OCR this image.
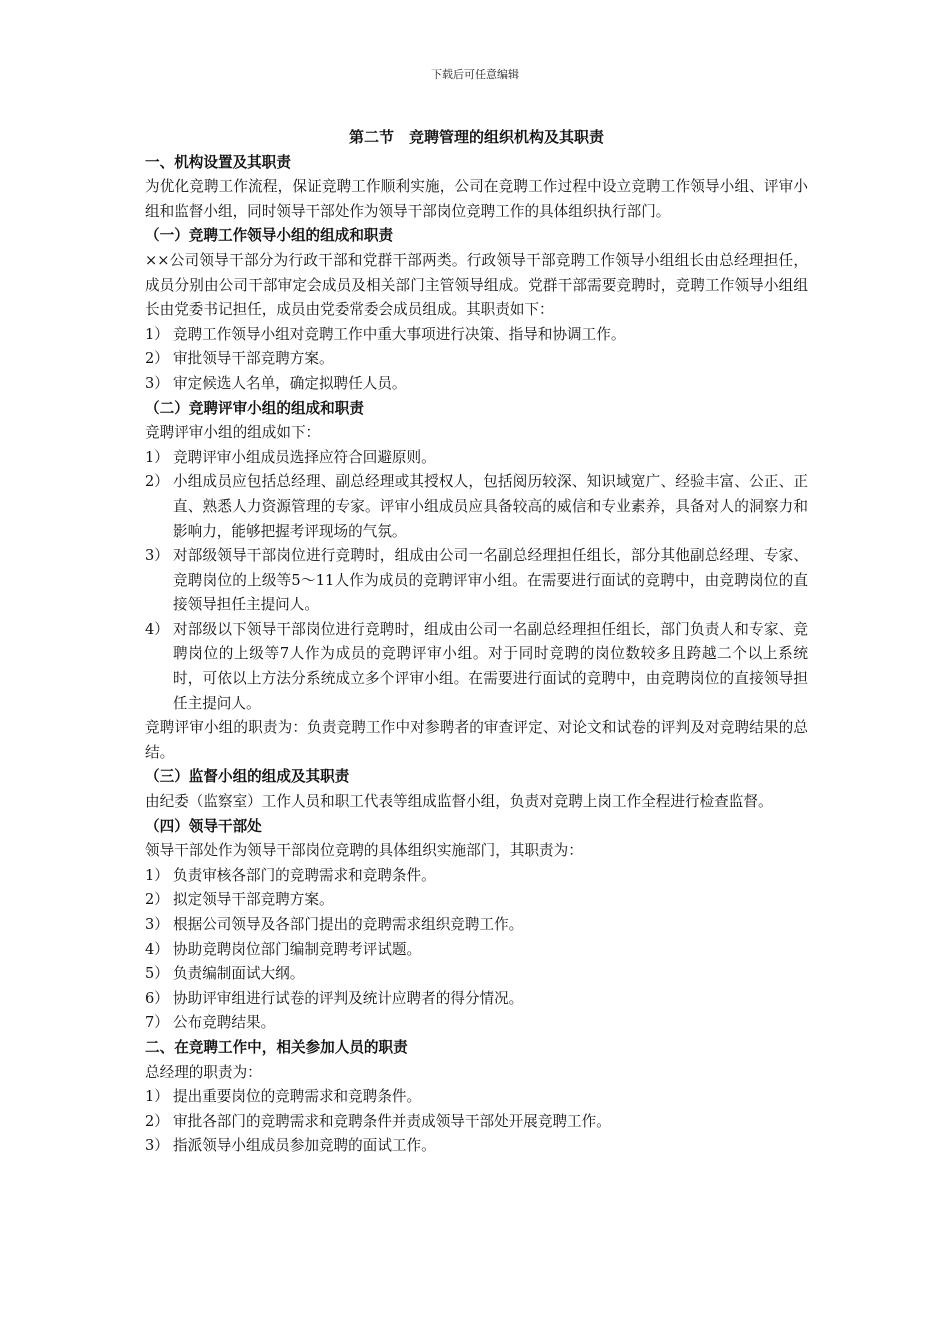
下载后可任意编辑
第二节　竞聘管理的组织机构及其职责
一、机构设置及其职责
为优化竞聘工作流程，保证竞聘工作顺利实施，公司在竞聘工作过程中设立竞聘工作领导小组、评审小组和监督小组，同时领导干部处作为领导干部岗位竞聘工作的具体组织执行部门。
（一）竞聘工作领导小组的组成和职责
××公司领导干部分为行政干部和党群干部两类。行政领导干部竞聘工作领导小组组长由总经理担任，成员分别由公司干部审定会成员及相关部门主管领导组成。党群干部需要竞聘时，竞聘工作领导小组组长由党委书记担任，成员由党委常委会成员组成。其职责如下：
1） 竞聘工作领导小组对竞聘工作中重大事项进行决策、指导和协调工作。
2） 审批领导干部竞聘方案。
3） 审定候选人名单，确定拟聘任人员。
（二）竞聘评审小组的组成和职责
竞聘评审小组的组成如下：
1） 竞聘评审小组成员选择应符合回避原则。
2） 小组成员应包括总经理、副总经理或其授权人，包括阅历较深、知识域宽广、经验丰富、公正、正直、熟悉人力资源管理的专家。评审小组成员应具备较高的威信和专业素养，具备对人的洞察力和影响力，能够把握考评现场的气氛。
3） 对部级领导干部岗位进行竞聘时，组成由公司一名副总经理担任组长，部分其他副总经理、专家、竞聘岗位的上级等5～11人作为成员的竞聘评审小组。在需要进行面试的竞聘中，由竞聘岗位的直接领导担任主提问人。
4） 对部级以下领导干部岗位进行竞聘时，组成由公司一名副总经理担任组长，部门负责人和专家、竞聘岗位的上级等7人作为成员的竞聘评审小组。对于同时竞聘的岗位数较多且跨越二个以上系统时，可依以上方法分系统成立多个评审小组。在需要进行面试的竞聘中，由竞聘岗位的直接领导担任主提问人。
竞聘评审小组的职责为：负责竞聘工作中对参聘者的审查评定、对论文和试卷的评判及对竞聘结果的总结。
（三）监督小组的组成及其职责
由纪委（监察室）工作人员和职工代表等组成监督小组，负责对竞聘上岗工作全程进行检查监督。
（四）领导干部处
领导干部处作为领导干部岗位竞聘的具体组织实施部门，其职责为：
1） 负责审核各部门的竞聘需求和竞聘条件。
2） 拟定领导干部竞聘方案。
3） 根据公司领导及各部门提出的竞聘需求组织竞聘工作。
4） 协助竞聘岗位部门编制竞聘考评试题。
5） 负责编制面试大纲。
6） 协助评审组进行试卷的评判及统计应聘者的得分情况。
7） 公布竞聘结果。
二、在竞聘工作中，相关参加人员的职责
总经理的职责为：
1） 提出重要岗位的竞聘需求和竞聘条件。
2） 审批各部门的竞聘需求和竞聘条件并责成领导干部处开展竞聘工作。
3） 指派领导小组成员参加竞聘的面试工作。
